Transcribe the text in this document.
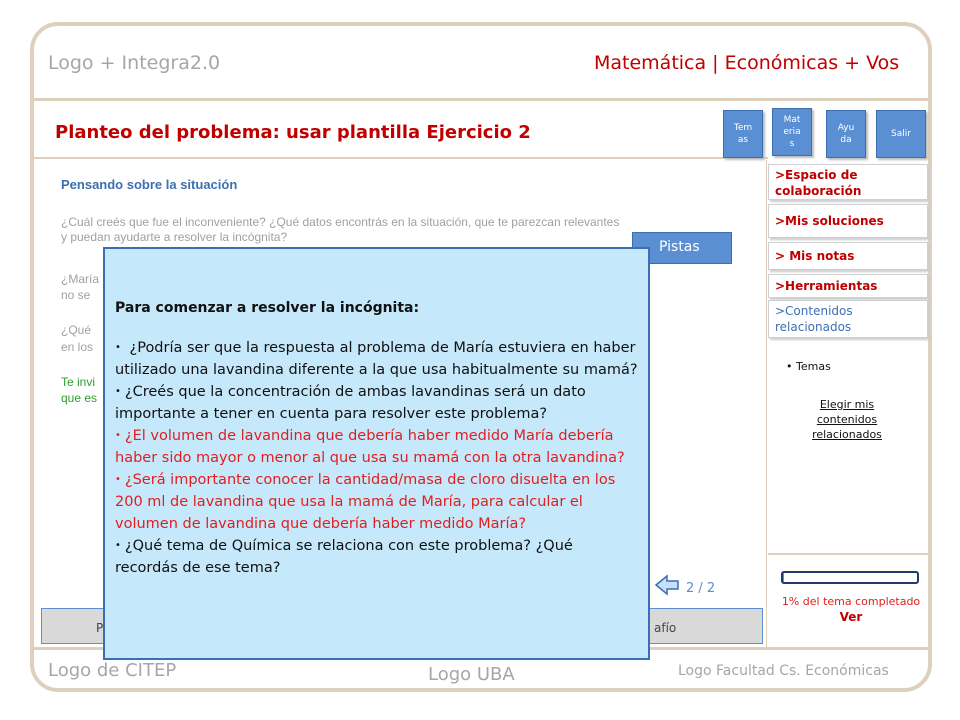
Logo + Integra2.0	Matemática | Económicas + Vos
Planteo del problema: usar plantilla Ejercicio 2	Tem as
Mat eria s
Ayu da
Salir
>Espacio de colaboración
>Mis soluciones
> Mis notas
>Herramientas
>Contenidos relacionados
• Temas
Elegir mis contenidos relacionados
1% del tema completado
Ver
Pensando sobre la situación
¿Cuál creés que fue el inconveniente? ¿Qué datos encontrás en la situación, que te parezcan relevantes y puedan ayudarte a resolver la incógnita?
¿María
no se
¿Qué
en los
Te invi
que es
Pistas
2 / 2
P	afío
Logo de CITEP	Logo UBA	Logo Facultad Cs. Económicas
Para comenzar a resolver la incógnita:
• ¿Podría ser que la respuesta al problema de María estuviera en haber utilizado una lavandina diferente a la que usa habitualmente su mamá?
• ¿Creés que la concentración de ambas lavandinas será un dato importante a tener en cuenta para resolver este problema?
• ¿El volumen de lavandina que debería haber medido María debería haber sido mayor o menor al que usa su mamá con la otra lavandina?
• ¿Será importante conocer la cantidad/masa de cloro disuelta en los 200 ml de lavandina que usa la mamá de María, para calcular el volumen de lavandina que debería haber medido María?
• ¿Qué tema de Química se relaciona con este problema? ¿Qué recordás de ese tema?
